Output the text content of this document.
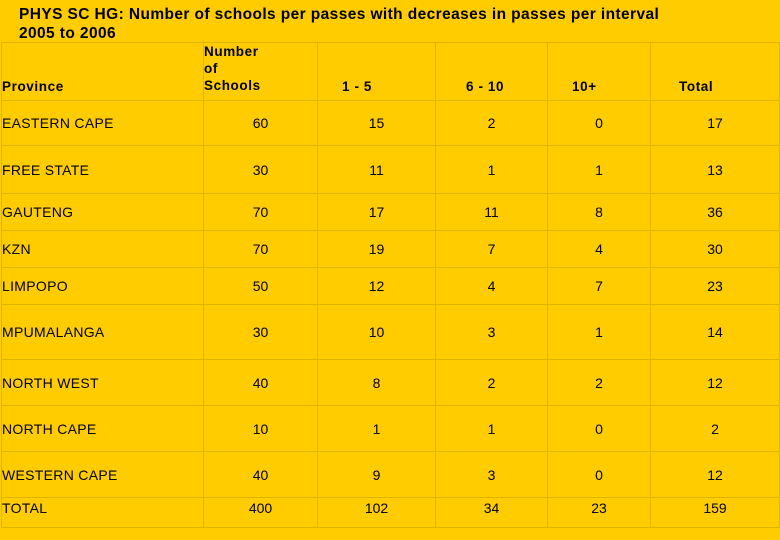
PHYS SC HG: Number of schools per passes with decreases in passes per interval
2005 to 2006
Province	Number
of
Schools	1 - 5	6 - 10	10+	Total
EASTERN CAPE	60	15	2	0	17
FREE STATE	30	11	1	1	13
GAUTENG	70	17	11	8	36
KZN	70	19	7	4	30
LIMPOPO	50	12	4	7	23
MPUMALANGA	30	10	3	1	14
NORTH WEST	40	8	2	2	12
NORTH CAPE	10	1	1	0	2
WESTERN CAPE	40	9	3	0	12
TOTAL	400	102	34	23	159
